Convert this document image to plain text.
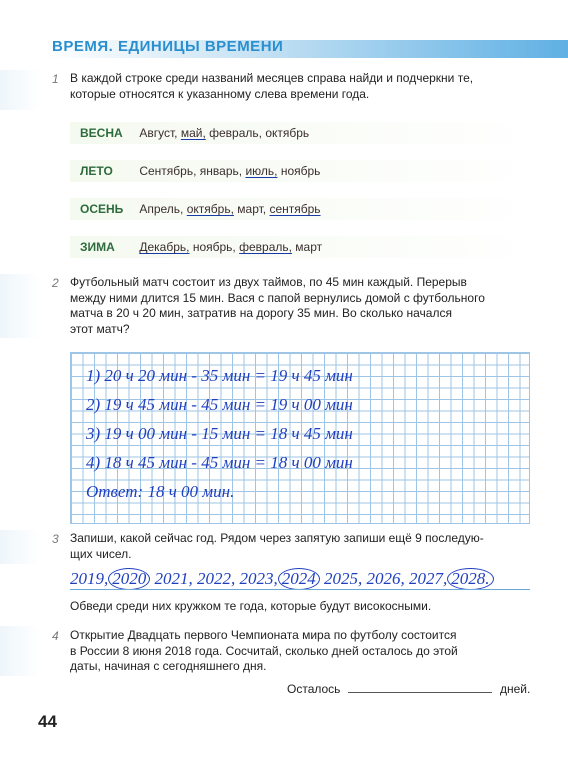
ВРЕМЯ. ЕДИНИЦЫ ВРЕМЕНИ
1 В каждой строке среди названий месяцев справа найди и подчеркни те,
которые относятся к указанному слева времени года.
ВЕСНА Август, май, февраль, октябрь
ЛЕТО Сентябрь, январь, июль, ноябрь
ОСЕНЬ Апрель, октябрь, март, сентябрь
ЗИМА Декабрь, ноябрь, февраль, март
2 Футбольный матч состоит из двух таймов, по 45 мин каждый. Перерыв
между ними длится 15 мин. Вася с папой вернулись домой с футбольного
матча в 20 ч 20 мин, затратив на дорогу 35 мин. Во сколько начался
этот матч?
1) 20 ч 20 мин - 35 мин = 19 ч 45 мин
2) 19 ч 45 мин - 45 мин = 19 ч 00 мин
3) 19 ч 00 мин - 15 мин = 18 ч 45 мин
4) 18 ч 45 мин - 45 мин = 18 ч 00 мин
Ответ: 18 ч 00 мин.
3 Запиши, какой сейчас год. Рядом через запятую запиши ещё 9 последую-
щих чисел.
2019, 2020 2021, 2022, 2023, 2024 2025, 2026, 2027, 2028.
Обведи среди них кружком те года, которые будут високосными.
4 Открытие Двадцать первого Чемпионата мира по футболу состоится
в России 8 июня 2018 года. Сосчитай, сколько дней осталось до этой
даты, начиная с сегодняшнего дня.
Осталось	дней.
44
